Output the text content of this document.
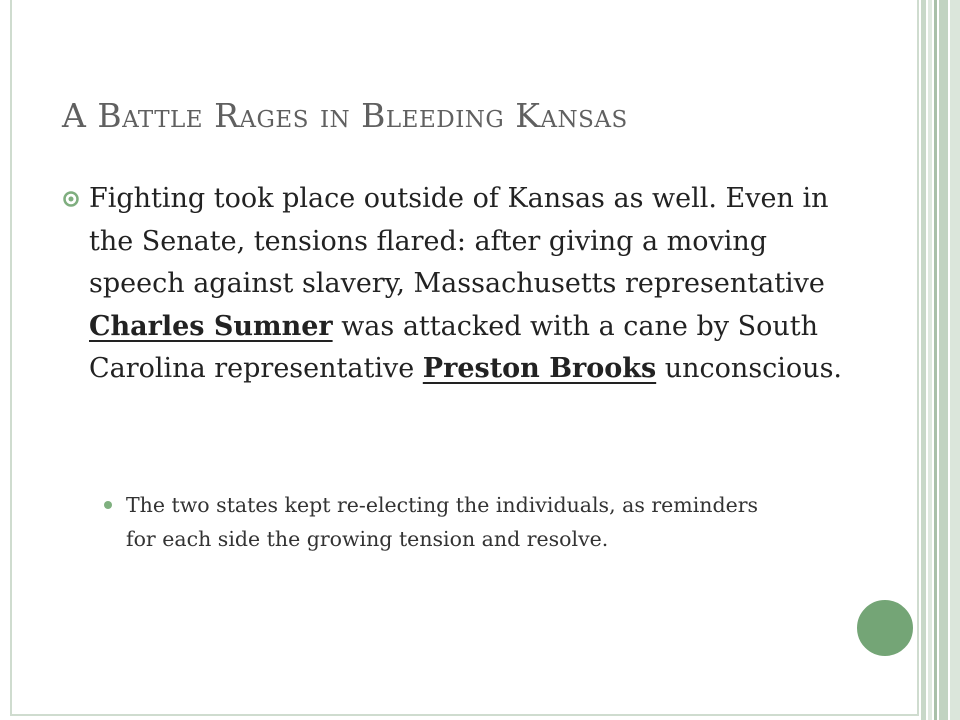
A Battle Rages in Bleeding Kansas
Fighting took place outside of Kansas as well. Even in the Senate, tensions flared: after giving a moving speech against slavery, Massachusetts representative Charles Sumner was attacked with a cane by South Carolina representative Preston Brooks unconscious.
The two states kept re-electing the individuals, as reminders for each side the growing tension and resolve.
